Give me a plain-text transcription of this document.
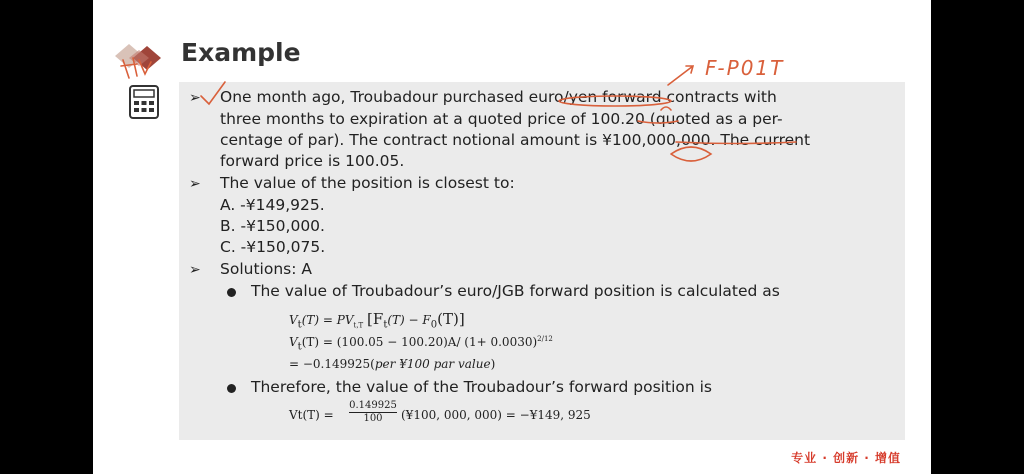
Example
➢ One month ago, Troubadour purchased euro/yen forward contracts with
three months to expiration at a quoted price of 100.20 (quoted as a per-
centage of par). The contract notional amount is ¥100,000,000. The current
forward price is 100.05.
➢ The value of the position is closest to:
A. -¥149,925.
B. -¥150,000.
C. -¥150,075.
➢ Solutions: A
The value of Troubadour’s euro/JGB forward position is calculated as
$V_t(T) = PV_{t,T}$ $[F_t(T) - F_0(T)]$
$V_t(T) = (100.05 - 100.20)A/$ $(1+ 0.0030)^{2/12}$
= −0.149925(per ¥100 par value)
Therefore, the value of the Troubadour’s forward position is
$Vt(T) = \frac{0.149925}{100}$ (¥100, 000, 000) = −¥149, 925
F-P01T
专业 · 创新 · 增值
